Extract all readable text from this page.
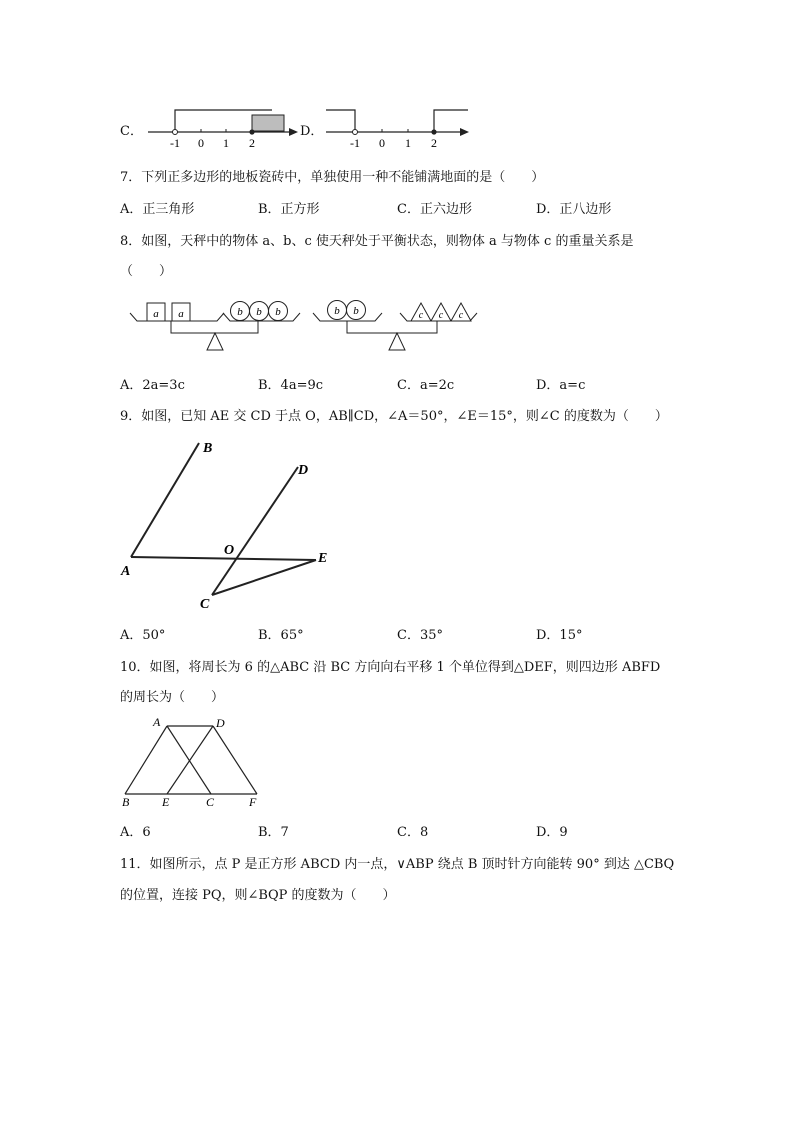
C．
-1 0 1 2
D．
-1 0 1 2
7．下列正多边形的地板瓷砖中，单独使用一种不能铺满地面的是（　　）
A．正三角形	B．正方形	C．正六边形	D．正八边形
8．如图，天秤中的物体 a、b、c 使天秤处于平衡状态，则物体 a 与物体 c 的重量关系是
（　　）
a a	b b b	b b	c c c
A．2a=3c	B．4a=9c	C．a=2c	D．a=c
9．如图，已知 AE 交 CD 于点 O，AB∥CD，∠A＝50°，∠E＝15°，则∠C 的度数为（　　）
B
D
O
E
A
C
A．50°	B．65°	C．35°	D．15°
10．如图，将周长为 6 的△ABC 沿 BC 方向向右平移 1 个单位得到△DEF，则四边形 ABFD
的周长为（　　）
A	D
B	E	C	F
A．6	B．7	C．8	D．9
11．如图所示，点 P 是正方形 ABCD 内一点，∨ABP 绕点 B 顶时针方向能转 90° 到达 △CBQ
的位置，连接 PQ，则∠BQP 的度数为（　　）
